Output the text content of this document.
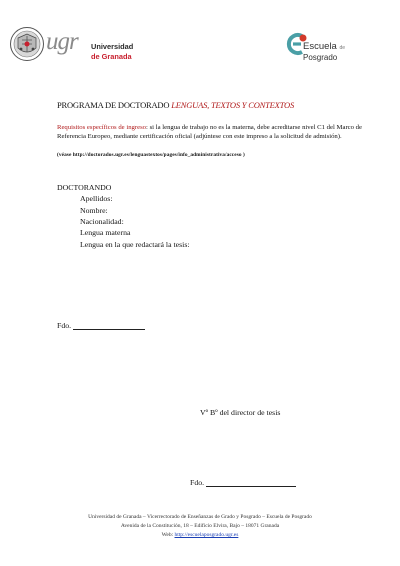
ugr Universidad
de Granada
Escuela de
Posgrado
PROGRAMA DE DOCTORADO LENGUAS, TEXTOS Y CONTEXTOS
Requisitos específicos de ingreso: si la lengua de trabajo no es la materna, debe acreditarse nivel C1 del Marco de Referencia Europeo, mediante certificación oficial (adjúntese con este impreso a la solicitud de admisión).
(véase http://doctorados.ugr.es/lenguastextos/pages/info_administrativa/acceso )
DOCTORANDO
Apellidos:
Nombre:
Nacionalidad:
Lengua materna
Lengua en la que redactará la tesis:
Fdo.
Vº Bº del director de tesis
Fdo.
Universidad de Granada – Vicerrectorado de Enseñanzas de Grado y Posgrado – Escuela de Posgrado
Avenida de la Constitución, 18 – Edificio Elvira, Bajo – 18071 Granada
Web: http://escuelaposgrado.ugr.es
